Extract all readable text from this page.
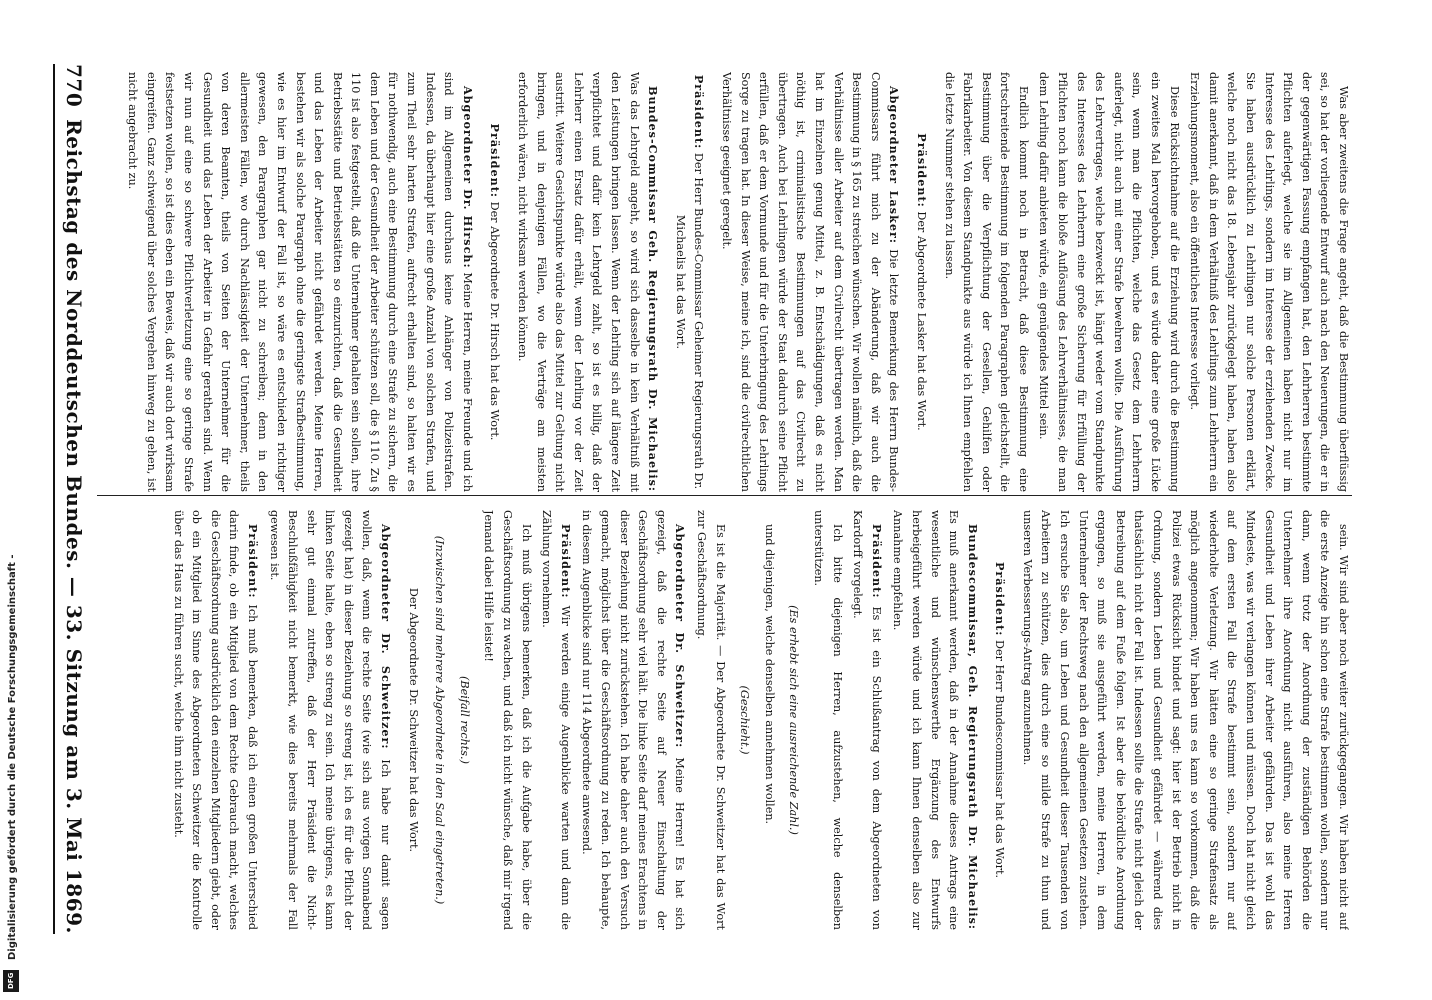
770
Reichstag des Norddeutschen Bundes. — 33. Sitzung am 3. Mai 1869.	Was aber zweitens die Frage angeht, daß die Bestimmung überflüssig sei, so hat der vorliegende Entwurf auch nach den Neuerungen, die er in der gegenwärtigen Fassung empfangen hat, den Lehrherren bestimmte Pflichten auferlegt, welche sie im Allgemeinen haben nicht nur im Interesse des Lehrlings, sondern im Interesse der erziehenden Zwecke. Sie haben ausdrücklich zu Lehrlingen nur solche Personen erklärt, welche noch nicht das 18. Lebensjahr zurückgelegt haben, haben also damit anerkannt, daß in dem Verhältniß des Lehrlings zum Lehrherrn ein Erziehungsmoment, also ein öffentliches Interesse vorliegt.

Diese Rücksichtnahme auf die Erziehung wird durch die Bestimmung ein zweites Mal hervorgehoben, und es würde daher eine große Lücke sein, wenn man die Pflichten, welche das Gesetz dem Lehrherrn auferlegt, nicht auch mit einer Strafe bewehren wollte. Die Ausführung des Lehrvertrages, welche bezweckt ist, hängt weder vom Standpunkte des Interesses des Lehrherrn eine große Sicherung für Erfüllung der Pflichten noch kann die bloße Auflösung des Lehrverhältnisses, die man dem Lehrling dafür anbieten würde, ein genügendes Mittel sein.

Endlich kommt noch in Betracht, daß diese Bestimmung eine fortschreitende Bestimmung im folgenden Paragraphen gleichstellt, die Bestimmung über die Verpflichtung der Gesellen, Gehilfen oder Fabrikarbeiter. Von diesem Standpunkte aus würde ich Ihnen empfehlen die letzte Nummer stehen zu lassen.

Präsident: Der Abgeordnete Lasker hat das Wort.

Abgeordneter Lasker: Die letzte Bemerkung des Herrn Bundes-Commissars führt mich zu der Abänderung, daß wir auch die Bestimmung in § 165 zu streichen wünschen. Wir wollen nämlich, daß die Verhältnisse aller Arbeiter auf dem Civilrecht übertragen werden. Man hat im Einzelnen genug Mittel, z. B. Entschädigungen, daß es nicht nöthig ist, criminalistische Bestimmungen auf das Civilrecht zu übertragen. Auch bei Lehrlingen würde der Staat dadurch seine Pflicht erfüllen, daß er dem Vormunde und für die Unterbringung des Lehrlings Sorge zu tragen hat. In dieser Weise, meine ich, sind die civilrechtlichen Verhältnisse geeignet geregelt.

Präsident: Der Herr Bundes-Commissar Geheimer Regierungsrath Dr. Michaelis hat das Wort.

Bundes-Commissar Geh. Regierungsrath Dr. Michaelis: Was das Lehrgeld angeht, so wird sich dasselbe in kein Verhältniß mit den Leistungen bringen lassen. Wenn der Lehrling sich auf längere Zeit verpflichtet und dafür kein Lehrgeld zahlt, so ist es billig, daß der Lehrherr einen Ersatz dafür erhält, wenn der Lehrling vor der Zeit austritt. Weitere Gesichtspunkte würde also das Mittel zur Geltung nicht bringen, und in denjenigen Fällen, wo die Verträge am meisten erforderlich wären, nicht wirksam werden können.

Präsident: Der Abgeordnete Dr. Hirsch hat das Wort.

Abgeordneter Dr. Hirsch: Meine Herren, meine Freunde und ich sind im Allgemeinen durchaus keine Anhänger von Polizeistrafen. Indessen, da überhaupt hier eine große Anzahl von solchen Strafen, und zum Theil sehr harten Strafen, aufrecht erhalten sind, so halten wir es für nothwendig, auch eine Bestimmung durch eine Strafe zu sichern, die dem Leben und der Gesundheit der Arbeiter schützen soll, die § 110. Zu § 110 ist also festgestellt, daß die Unternehmer gehalten sein sollen, ihre Betriebsstätte und Betriebsstätten so einzurichten, daß die Gesundheit und das Leben der Arbeiter nicht gefährdet werden. Meine Herren, bestehen wir als solche Paragraph ohne die geringste Strafbestimmung, wie es hier im Entwurf der Fall ist, so wäre es entschieden richtiger gewesen, den Paragraphen gar nicht zu schreiben; denn in den allermeisten Fällen, wo durch Nachlässigkeit der Unternehmer, theils von deren Beamten, theils von Seiten der Unternehmer für die Gesundheit und das Leben der Arbeiter in Gefahr gerathen sind. Wenn wir nun auf eine so schwere Pflichtverletzung eine so geringe Strafe festsetzen wollen, so ist dies eben ein Beweis, daß wir auch dort wirksam eingreifen. Ganz schweigend über solches Vergehen hinweg zu gehen, ist nicht angebracht zu.

sein. Wir sind aber noch weiter zurückgegangen. Wir haben nicht auf die erste Anzeige hin schon eine Strafe bestimmen wollen, sondern nur dann, wenn trotz der Anordnung der zuständigen Behörden die Unternehmer ihre Anordnung nicht ausführen, also meine Herren Gesundheit und Leben ihrer Arbeiter gefährden. Das ist wohl das Mindeste, was wir verlangen können und müssen. Doch hat nicht gleich auf dem ersten Fall die Strafe bestimmt sein, sondern nur auf wiederholte Verletzung. Wir hätten eine so geringe Strafensatz als möglich angenommen; Wir haben uns es kann so vorkommen, daß die Polizei etwas Rücksicht bindet und sagt: hier ist der Betrieb nicht in Ordnung, sondern Leben und Gesundheit gefährdet — während dies thatsächlich nicht der Fall ist. Indessen sollte die Strafe nicht gleich der Betreibung auf dem Fuße folgen. Ist aber die behördliche Anordnung ergangen, so muß sie ausgeführt werden, meine Herren, in dem Unternehmer der Rechtsweg nach den allgemeinen Gesetzen zustehen. Ich ersuche Sie also, um Leben und Gesundheit dieser Tausenden von Arbeitern zu schützen, dies durch eine so milde Strafe zu thun und unseren Verbesserungs-Antrag anzunehmen.

Präsident: Der Herr Bundescommissar hat das Wort.

Bundescommissar, Geh. Regierungsrath Dr. Michaelis: Es muß anerkannt werden, daß in der Annahme dieses Antrags eine wesentliche und wünschenswerthe Ergänzung des Entwurfs herbeigeführt werden würde und ich kann Ihnen denselben also zur Annahme empfehlen.

Präsident: Es ist ein Schlußantrag von dem Abgeordneten von Kardorff vorgelegt.

Ich bitte diejenigen Herren, aufzustehen, welche denselben unterstützen.

(Es erhebt sich eine ausreichende Zahl.)

und diejenigen, welche denselben annehmen wollen.

(Geschieht.)

Es ist die Majorität. — Der Abgeordnete Dr. Schweitzer hat das Wort zur Geschäftsordnung.

Abgeordneter Dr. Schweitzer: Meine Herren! Es hat sich gezeigt, daß die rechte Seite auf Neuer Einschaltung der Geschäftsordnung sehr viel hält. Die linke Seite darf meines Erachtens in dieser Beziehung nicht zurückstehen. Ich habe daher auch den Versuch gemacht, möglichst über die Geschäftsordnung zu reden. Ich behaupte, in diesem Augenblicke sind nur 114 Abgeordnete anwesend.

Präsident: Wir werden einige Augenblicke warten und dann die Zählung vornehmen.

Ich muß übrigens bemerken, daß ich die Aufgabe habe, über die Geschäftsordnung zu wachen, und daß ich nicht wünsche, daß mir irgend Jemand dabei Hilfe leistet!

(Beifall rechts.)

(Inzwischen sind mehrere Abgeordnete in den Saal eingetreten.)

Der Abgeordnete Dr. Schweitzer hat das Wort.

Abgeordneter Dr. Schweitzer: Ich habe nur damit sagen wollen, daß, wenn die rechte Seite (wie sich aus vorigen Sonnabend gezeigt hat) in dieser Beziehung so streng ist, ich es für die Pflicht der linken Seite halte, eben so streng zu sein. Ich meine übrigens, es kann sehr gut einmal zutreffen, daß der Herr Präsident die Nicht-Beschlußfähigkeit nicht bemerkt, wie dies bereits mehrmals der Fall gewesen ist.

Präsident: Ich muß bemerken, daß ich einen großen Unterschied darin finde, ob ein Mitglied von dem Rechte Gebrauch macht, welches die Geschäftsordnung ausdrücklich den einzelnen Mitgliedern giebt, oder ob ein Mitglied im Sinne des Abgeordneten Schweitzer die Kontrolle über das Haus zu führen sucht, welche ihm nicht zusteht.

Digitalisierung gefördert durch die Deutsche Forschungsgemeinschaft -
DFG
